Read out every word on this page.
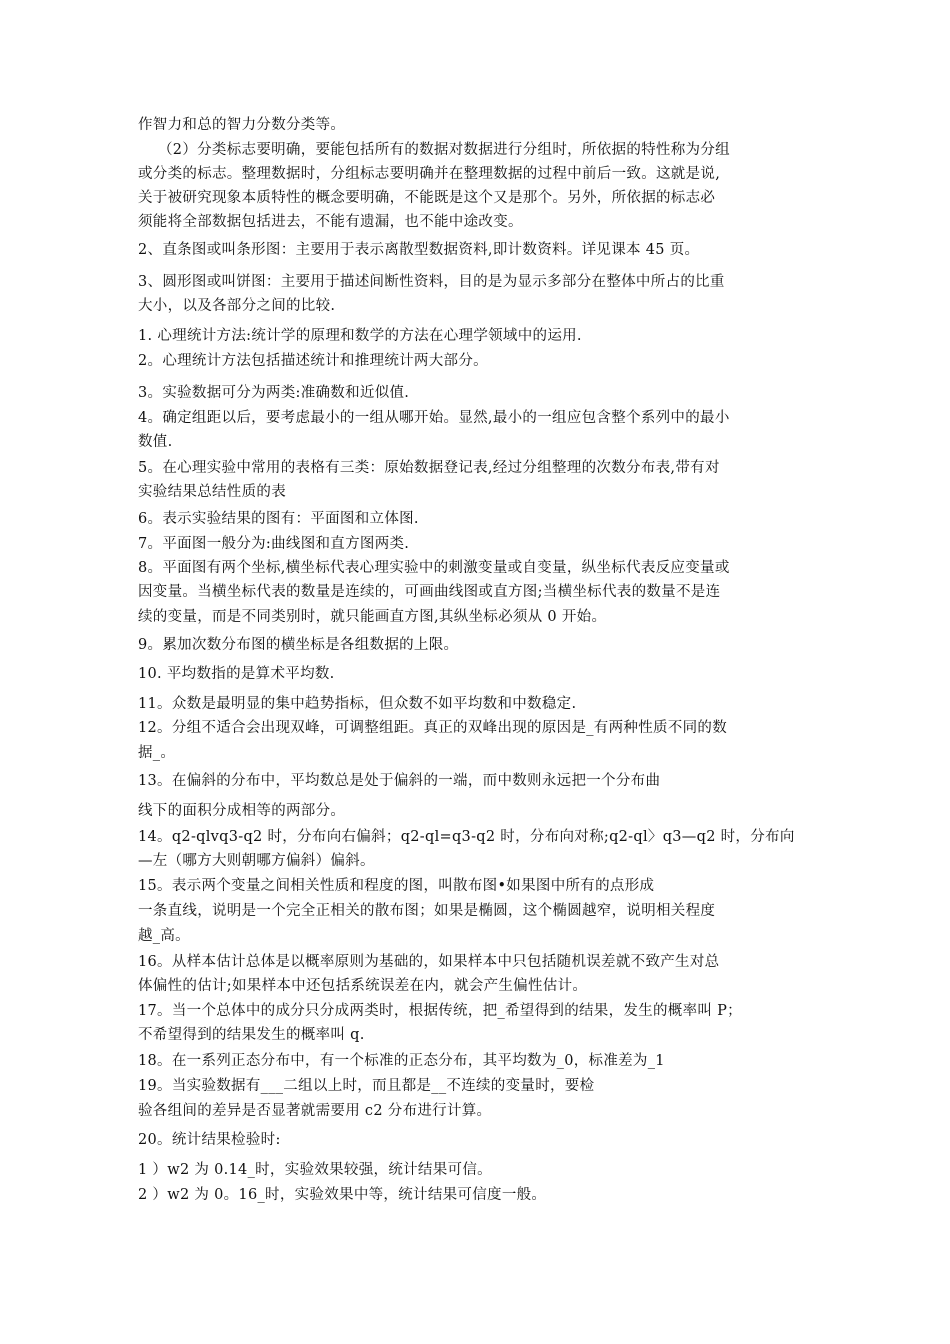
作智力和总的智力分数分类等。
（2）分类标志要明确，要能包括所有的数据对数据进行分组时，所依据的特性称为分组
或分类的标志。整理数据时，分组标志要明确并在整理数据的过程中前后一致。这就是说,
关于被研究现象本质特性的概念要明确，不能既是这个又是那个。另外，所依据的标志必
须能将全部数据包括进去，不能有遗漏，也不能中途改变。
2、直条图或叫条形图：主要用于表示离散型数据资料,即计数资料。详见课本 45 页。
3、圆形图或叫饼图：主要用于描述间断性资料，目的是为显示多部分在整体中所占的比重
大小，以及各部分之间的比较.
1. 心理统计方法:统计学的原理和数学的方法在心理学领域中的运用.
2。心理统计方法包括描述统计和推理统计两大部分。
3。实验数据可分为两类:准确数和近似值.
4。确定组距以后，要考虑最小的一组从哪开始。显然,最小的一组应包含整个系列中的最小
数值.
5。在心理实验中常用的表格有三类：原始数据登记表,经过分组整理的次数分布表,带有对
实验结果总结性质的表
6。表示实验结果的图有：平面图和立体图.
7。平面图一般分为:曲线图和直方图两类.
8。平面图有两个坐标,横坐标代表心理实验中的刺激变量或自变量，纵坐标代表反应变量或
因变量。当横坐标代表的数量是连续的，可画曲线图或直方图;当横坐标代表的数量不是连
续的变量，而是不同类别时，就只能画直方图,其纵坐标必须从 0 开始。
9。累加次数分布图的横坐标是各组数据的上限。
10. 平均数指的是算术平均数.
11。众数是最明显的集中趋势指标，但众数不如平均数和中数稳定.
12。分组不适合会出现双峰，可调整组距。真正的双峰出现的原因是_有两种性质不同的数
据_。
13。在偏斜的分布中，平均数总是处于偏斜的一端，而中数则永远把一个分布曲
线下的面积分成相等的两部分。
14。q2-qlvq3-q2 时，分布向右偏斜；q2-ql=q3-q2 时，分布向对称;q2-ql〉q3—q2 时，分布向
—左（哪方大则朝哪方偏斜）偏斜。
15。表示两个变量之间相关性质和程度的图，叫散布图•如果图中所有的点形成
一条直线，说明是一个完全正相关的散布图；如果是椭圆，这个椭圆越窄，说明相关程度
越_高。
16。从样本估计总体是以概率原则为基础的，如果样本中只包括随机误差就不致产生对总
体偏性的估计;如果样本中还包括系统误差在内，就会产生偏性估计。
17。当一个总体中的成分只分成两类时，根据传统，把_希望得到的结果，发生的概率叫 P；
不希望得到的结果发生的概率叫 q.
18。在一系列正态分布中，有一个标准的正态分布，其平均数为_0，标准差为_1
19。当实验数据有___二组以上时，而且都是__不连续的变量时，要检
验各组间的差异是否显著就需要用 c2 分布进行计算。
20。统计结果检验时:
1 ）w2 为 0.14_时，实验效果较强，统计结果可信。
2 ）w2 为 0。16_时，实验效果中等，统计结果可信度一般。
